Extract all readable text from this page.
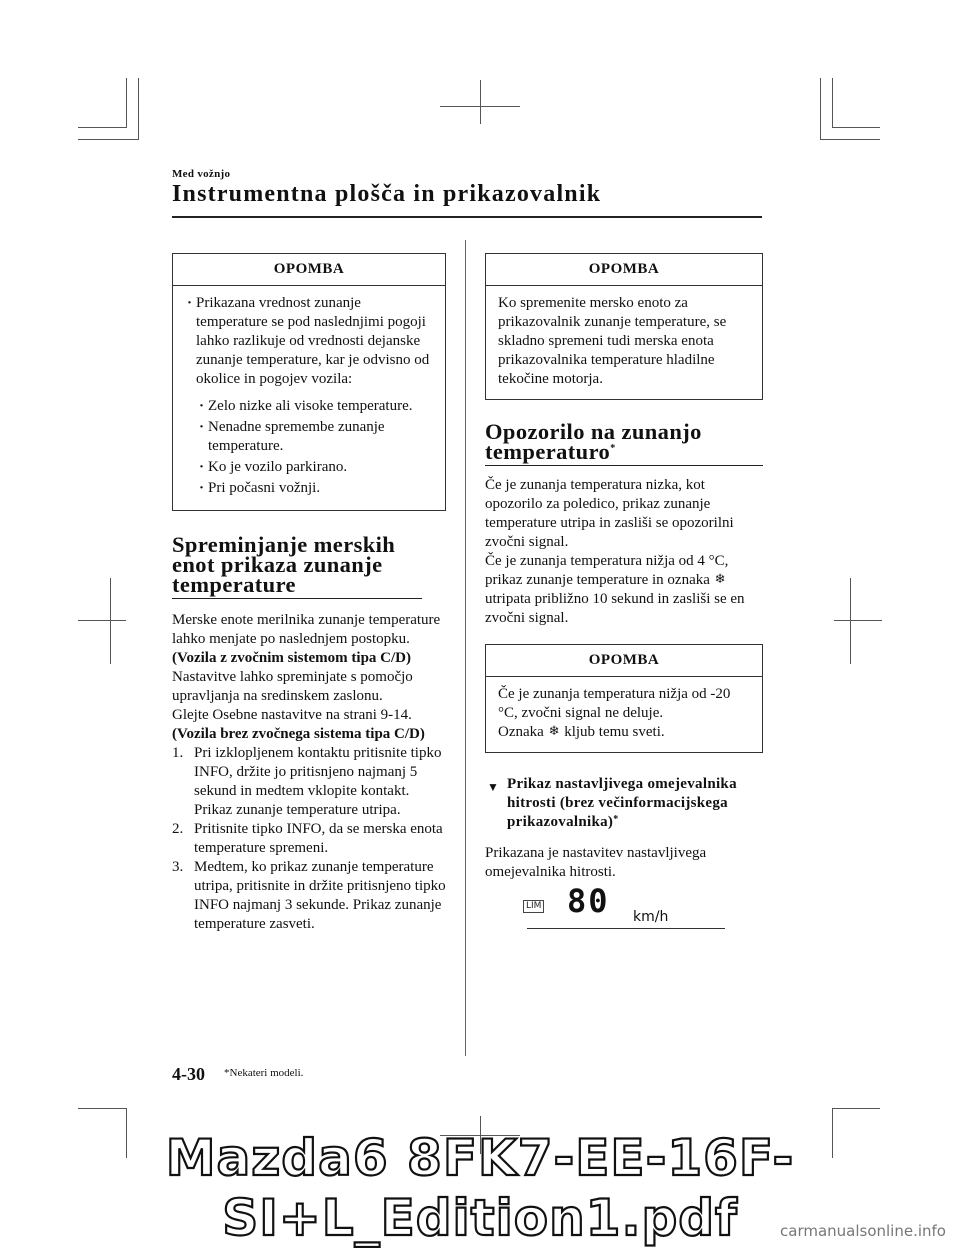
Med vožnjo
Instrumentna plošča in prikazovalnik
OPOMBA
· Prikazana vrednost zunanje temperature se pod naslednjimi pogoji lahko razlikuje od vrednosti dejanske zunanje temperature, kar je odvisno od okolice in pogojev vozila:
· Zelo nizke ali visoke temperature.
· Nenadne spremembe zunanje temperature.
· Ko je vozilo parkirano.
· Pri počasni vožnji.
Spreminjanje merskih enot prikaza zunanje temperature

Merske enote merilnika zunanje temperature lahko menjate po naslednjem postopku.

(Vozila z zvočnim sistemom tipa C/D)

Nastavitve lahko spreminjate s pomočjo upravljanja na sredinskem zaslonu.

Glejte Osebne nastavitve na strani 9-14.

(Vozila brez zvočnega sistema tipa C/D)

1. Pri izklopljenem kontaktu pritisnite tipko INFO, držite jo pritisnjeno najmanj 5 sekund in medtem vklopite kontakt. Prikaz zunanje temperature utripa.
2. Pritisnite tipko INFO, da se merska enota temperature spremeni.
3. Medtem, ko prikaz zunanje temperature utripa, pritisnite in držite pritisnjeno tipko INFO najmanj 3 sekunde. Prikaz zunanje temperature zasveti.
OPOMBA

Ko spremenite mersko enoto za prikazovalnik zunanje temperature, se skladno spremeni tudi merska enota prikazovalnika temperature hladilne tekočine motorja.

Opozorilo na zunanjo temperaturo*

Če je zunanja temperatura nizka, kot opozorilo za poledico, prikaz zunanje temperature utripa in zasliši se opozorilni zvočni signal.

Če je zunanja temperatura nižja od 4 °C, prikaz zunanje temperature in oznaka ❄ utripata približno 10 sekund in zasliši se en zvočni signal.

OPOMBA

Če je zunanja temperatura nižja od -20 °C, zvočni signal ne deluje.

Oznaka ❄ kljub temu sveti.

▼ Prikaz nastavljivega omejevalnika hitrosti (brez večinformacijskega prikazovalnika)*

Prikazana je nastavitev nastavljivega omejevalnika hitrosti.

LIM 80 km/h
4-30 *Nekateri modeli.
Mazda6 8FK7-EE-16F-SI+L_Edition1.pdf	carmanualsonline.info
